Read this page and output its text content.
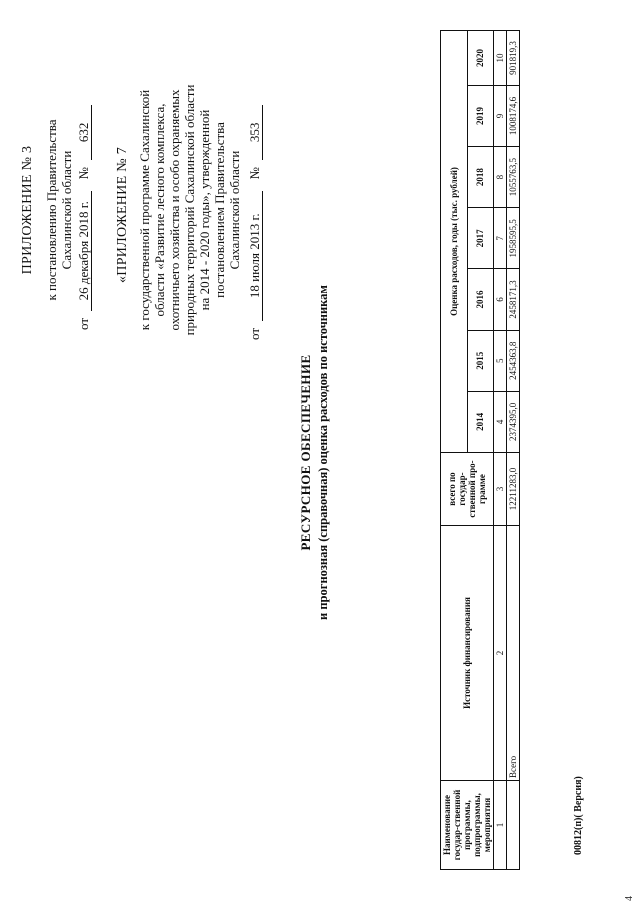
ПРИЛОЖЕНИЕ № 3 к постановлению Правительства Сахалинской области
от 26 декабря 2018 г. № 632
«ПРИЛОЖЕНИЕ № 7 к государственной программе Сахалинской области «Развитие лесного комплекса, охотничьего хозяйства и особо охраняемых природных территорий Сахалинской области на 2014 - 2020 годы», утвержденной постановлением Правительства Сахалинской области
от 18 июля 2013 г. № 353
РЕСУРСНОЕ ОБЕСПЕЧЕНИЕ и прогнозная (справочная) оценка расходов по источникам
Наименование государ-ственной программы, подпрограммы, мероприятия	Источник финансирования	всего по государ-ственной про-грамме	Оценка расходов, годы (тыс. рублей)						
			2014	2015	2016	2017	2018	2019	2020
1	2	3	4	5	6	7	8	9	10
	Всего	12211283,0	2374395,0	2454363,8	2458171,3	1958595,5	1055763,5	1008174,6	901819,3
00812(п)( Версия)
4
